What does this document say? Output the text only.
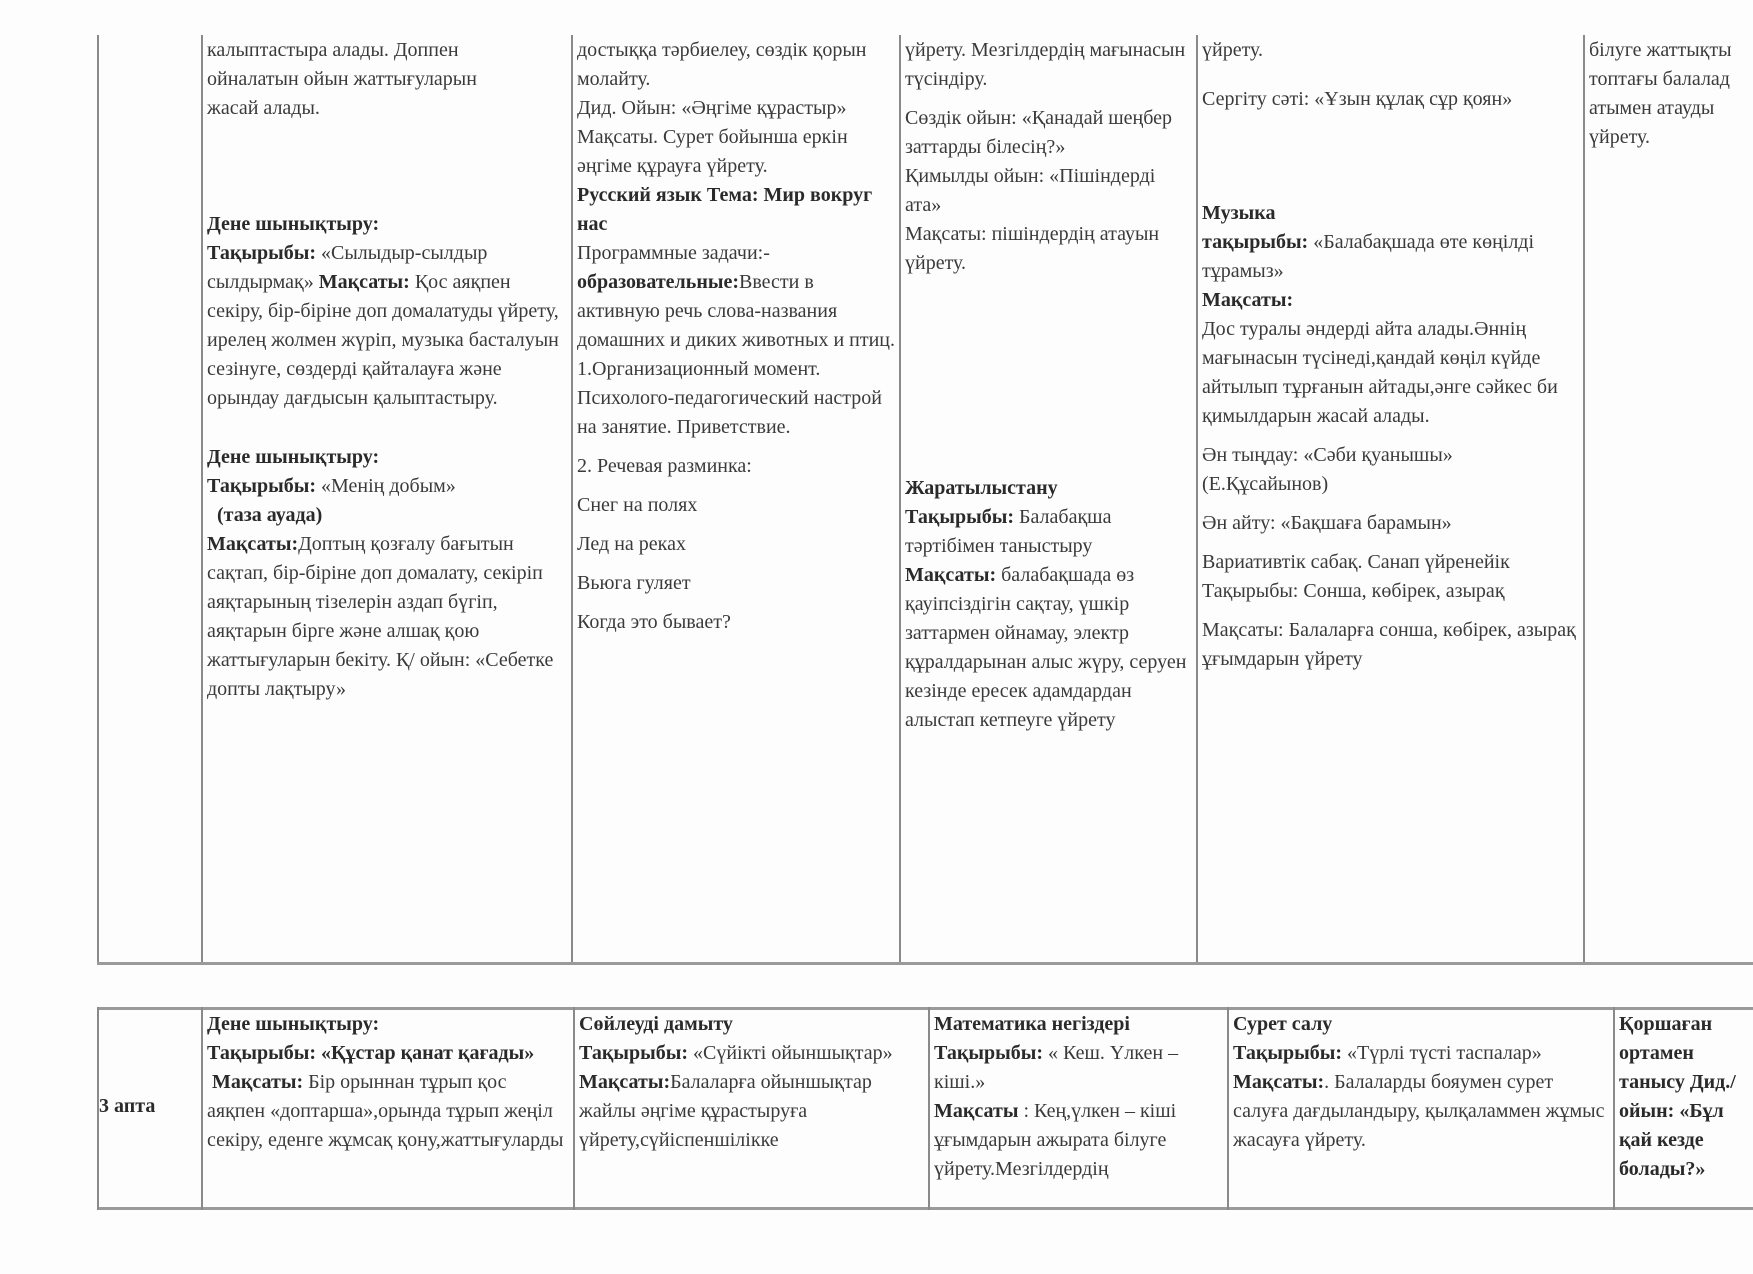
калыптастыра алады. Доппен

ойналатын ойын жаттығуларын

жасай алады.

Дене шынықтыру:

Тақырыбы: «Сылыдыр-сылдыр сылдырмақ» Мақсаты: Қос аяқпен секіру, бір-біріне доп домалатуды үйрету, ирелең жолмен жүріп, музыка басталуын сезінуге, сөздерді қайталауға және орындау дағдысын қалыптастыру.

Дене шынықтыру:

Тақырыбы: «Менің добым»

(таза ауада)

Мақсаты:Доптың қозғалу бағытын сақтап, бір-біріне доп домалату, секіріп аяқтарының тізелерін аздап бүгіп, аяқтарын бірге және алшақ қою жаттығуларын бекіту. Қ/ ойын: «Себетке допты лақтыру»

достыққа тәрбиелеу, сөздік қорын молайту.

Дид. Ойын: «Әңгіме құрастыр»

Мақсаты. Сурет бойынша еркін әңгіме құрауға үйрету.

Русский язык Тема: Мир вокруг нас

Программные задачи:-

образовательные:Ввести в активную речь слова-названия домашних и диких животных и птиц.

1.Организационный момент. Психолого-педагогический настрой на занятие. Приветствие.

2. Речевая разминка:

Снег на полях

Лед на реках

Вьюга гуляет

Когда это бывает?

үйрету. Мезгілдердің мағынасын түсіндіру.

Сөздік ойын: «Қанадай шеңбер заттарды білесің?»

Қимылды ойын: «Пішіндерді ата»

Мақсаты: пішіндердің атауын үйрету.

Жаратылыстану

Тақырыбы: Балабақша тәртібімен таныстыру

Мақсаты: балабақшада өз қауіпсіздігін сақтау, үшкір заттармен ойнамау, электр құралдарынан алыс жүру, серуен кезінде ересек адамдардан алыстап кетпеуге үйрету

үйрету.

Сергіту сәті: «Ұзын құлақ сұр қоян»

Музыка

тақырыбы: «Балабақшада өте көңілді тұрамыз»

Мақсаты:

Дос туралы әндерді айта алады.Әннің мағынасын түсінеді,қандай көңіл күйде айтылып тұрғанын айтады,әнге сәйкес би қимылдарын жасай алады.

Ән тыңдау: «Сәби қуанышы» (Е.Құсайынов)

Ән айту: «Бақшаға барамын»

Вариативтік сабақ. Санап үйренейік Тақырыбы: Сонша, көбірек, азырақ

Мақсаты: Балаларға сонша, көбірек, азырақ ұғымдарын үйрету

білуге жаттықты

топтағы балалад

атымен атауды

үйрету.

3 апта

Дене шынықтыру:

Тақырыбы: «Құстар қанат қағады»

Мақсаты: Бір орыннан тұрып қос аяқпен «доптарша»,орында тұрып жеңіл секіру, еденге жұмсақ қону,жаттығуларды

Сөйлеуді дамыту

Тақырыбы: «Сүйікті ойыншықтар»

Мақсаты:Балаларға ойыншықтар жайлы әңгіме құрастыруға үйрету,сүйіспеншілікке

Математика негіздері

Тақырыбы: « Кеш. Үлкен –кіші.»

Мақсаты : Кең,үлкен – кіші ұғымдарын ажырата білуге үйрету.Мезгілдердің

Сурет салу

Тақырыбы: «Түрлі түсті таспалар»

Мақсаты:. Балаларды бояумен сурет салуға дағдыландыру, қылқаламмен жұмыс жасауға үйрету.

Қоршаған ортамен танысу Дид./ойын: «Бұл қай кезде болады?»
